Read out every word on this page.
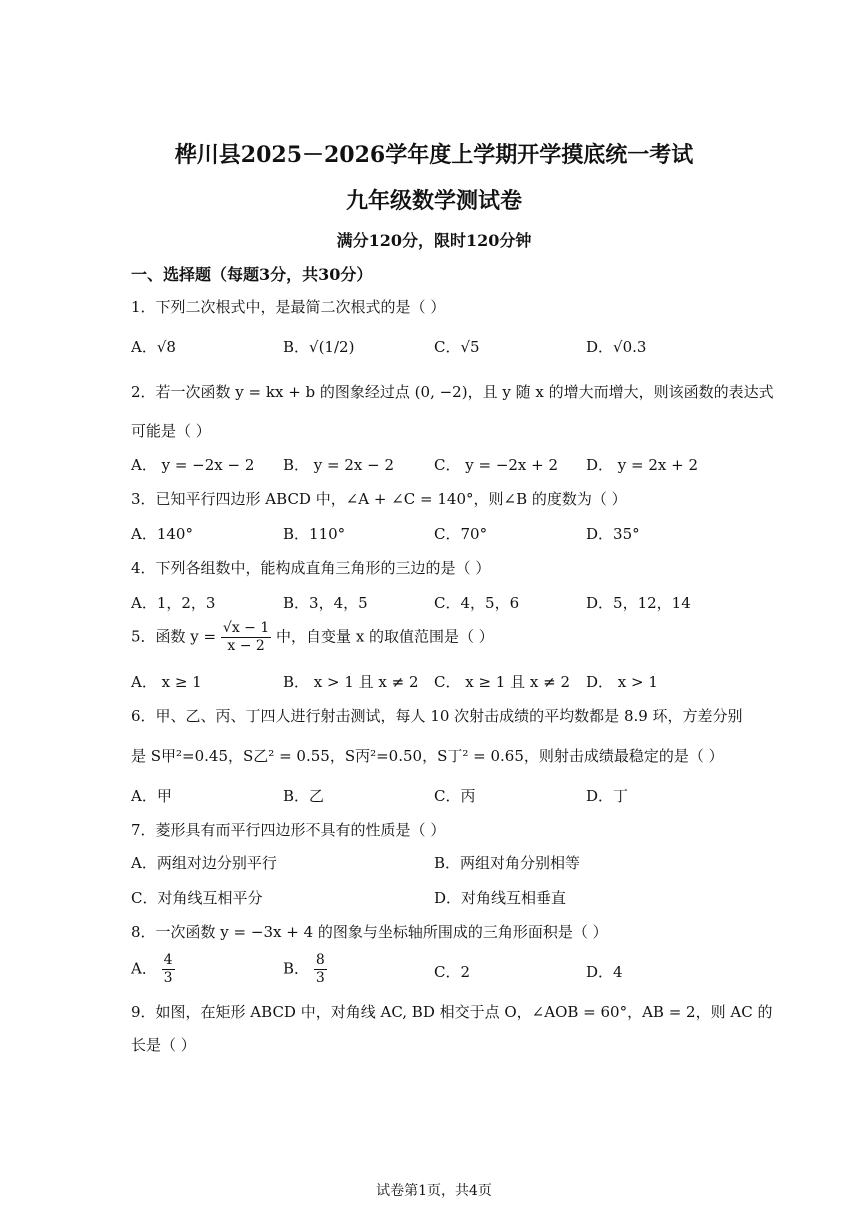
桦川县2025－2026学年度上学期开学摸底统一考试
九年级数学测试卷
满分120分，限时120分钟
一、选择题（每题3分，共30分）
1．下列二次根式中，是最简二次根式的是（ ）
A．√8	B．√(1/2)	C．√5	D．√0.3
2．若一次函数 y = kx + b 的图象经过点 (0, −2)，且 y 随 x 的增大而增大，则该函数的表达式
可能是（ ）
A． y = −2x − 2 B． y = 2x − 2	C． y = −2x + 2 D． y = 2x + 2
3．已知平行四边形 ABCD 中，∠A + ∠C = 140°，则∠B 的度数为（ ）
A．140°	B．110°	C．70°	D．35°
4．下列各组数中，能构成直角三角形的三边的是（ ）
A．1，2，3	B．3，4，5	C．4，5，6	D．5，12，14
5．函数 $y = \frac{√x - 1}{x - 2}$ 中，自变量 x 的取值范围是（ ）
A． x ≥ 1	B． x > 1 且 x ≠ 2 C． x ≥ 1 且 x ≠ 2 D． x > 1
6．甲、乙、丙、丁四人进行射击测试，每人 10 次射击成绩的平均数都是 8.9 环，方差分别
是 S甲²=0.45，S乙² = 0.55，S丙²=0.50，S丁² = 0.65，则射击成绩最稳定的是（ ）
A．甲	B．乙	C．丙	D．丁
7．菱形具有而平行四边形不具有的性质是（ ）
A．两组对边分别平行	B．两组对角分别相等
C．对角线互相平分	D．对角线互相垂直
8．一次函数 y = −3x + 4 的图象与坐标轴所围成的三角形面积是（ ）
A． $\frac{4}{3}$	B． $\frac{8}{3}$	C．2	D．4
9．如图，在矩形 ABCD 中，对角线 AC, BD 相交于点 O，∠AOB = 60°，AB = 2，则 AC 的
长是（ ）
试卷第1页，共4页
